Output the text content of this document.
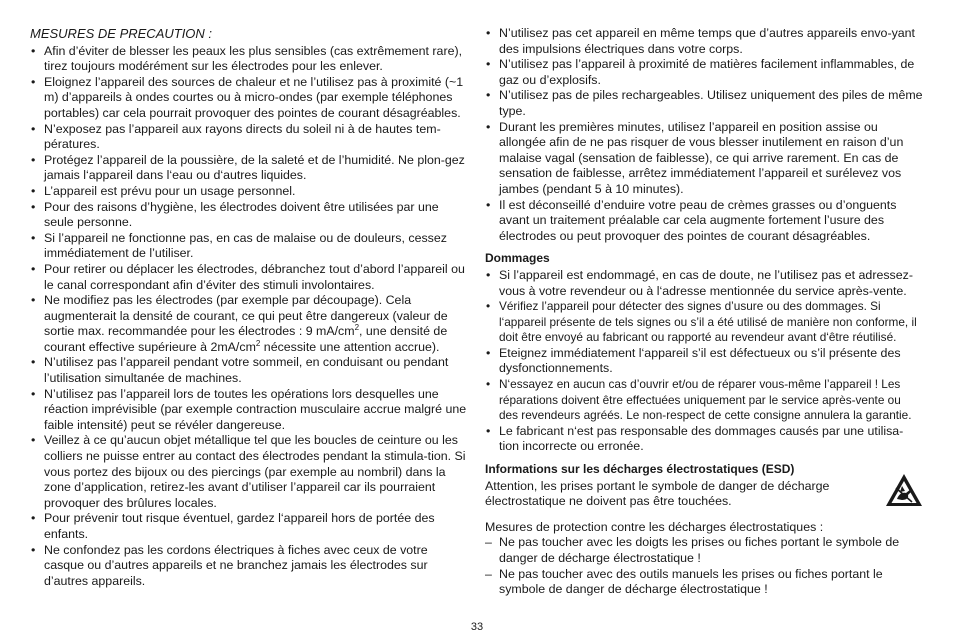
MESURES DE PRECAUTION :

• Afin d’éviter de blesser les peaux les plus sensibles (cas extrêmement rare), tirez toujours modérément sur les électrodes pour les enlever.
• Eloignez l’appareil des sources de chaleur et ne l’utilisez pas à proximité (~1 m) d’appareils à ondes courtes ou à micro-ondes (par exemple téléphones portables) car cela pourrait provoquer des pointes de courant désagréables.
• N’exposez pas l’appareil aux rayons directs du soleil ni à de hautes tem-pératures.
• Protégez l’appareil de la poussière, de la saleté et de l’humidité. Ne plon-gez jamais l‘appareil dans l‘eau ou d‘autres liquides.
• L’appareil est prévu pour un usage personnel.
• Pour des raisons d’hygiène, les électrodes doivent être utilisées par une seule personne.
• Si l’appareil ne fonctionne pas, en cas de malaise ou de douleurs, cessez immédiatement de l’utiliser.
• Pour retirer ou déplacer les électrodes, débranchez tout d’abord l’appareil ou le canal correspondant afin d’éviter des stimuli involontaires.
• Ne modifiez pas les électrodes (par exemple par découpage). Cela augmenterait la densité de courant, ce qui peut être dangereux (valeur de sortie max. recommandée pour les électrodes : 9 $mA/cm^2$, une densité de courant effective supérieure à $2mA/cm^2$ nécessite une attention accrue).
• N’utilisez pas l’appareil pendant votre sommeil, en conduisant ou pendant l’utilisation simultanée de machines.
• N’utilisez pas l’appareil lors de toutes les opérations lors desquelles une réaction imprévisible (par exemple contraction musculaire accrue malgré une faible intensité) peut se révéler dangereuse.
• Veillez à ce qu’aucun objet métallique tel que les boucles de ceinture ou les colliers ne puisse entrer au contact des électrodes pendant la stimula-tion. Si vous portez des bijoux ou des piercings (par exemple au nombril) dans la zone d’application, retirez-les avant d’utiliser l’appareil car ils pourraient provoquer des brûlures locales.
• Pour prévenir tout risque éventuel, gardez l‘appareil hors de portée des enfants.
• Ne confondez pas les cordons électriques à fiches avec ceux de votre casque ou d’autres appareils et ne branchez jamais les électrodes sur d’autres appareils.
• N’utilisez pas cet appareil en même temps que d’autres appareils envo-yant des impulsions électriques dans votre corps.
• N’utilisez pas l’appareil à proximité de matières facilement inflammables, de gaz ou d’explosifs.
• N’utilisez pas de piles rechargeables. Utilisez uniquement des piles de même type.
• Durant les premières minutes, utilisez l’appareil en position assise ou allongée afin de ne pas risquer de vous blesser inutilement en raison d’un malaise vagal (sensation de faiblesse), ce qui arrive rarement. En cas de sensation de faiblesse, arrêtez immédiatement l’appareil et surélevez vos jambes (pendant 5 à 10 minutes).
• Il est déconseillé d’enduire votre peau de crèmes grasses ou d’onguents avant un traitement préalable car cela augmente fortement l’usure des électrodes ou peut provoquer des pointes de courant désagréables.

Dommages

• Si l’appareil est endommagé, en cas de doute, ne l’utilisez pas et adressez-vous à votre revendeur ou à l‘adresse mentionnée du service après-vente.
• Vérifiez l’appareil pour détecter des signes d’usure ou des dommages. Si l‘appareil présente de tels signes ou s’il a été utilisé de manière non conforme, il doit être envoyé au fabricant ou rapporté au revendeur avant d‘être réutilisé.
• Eteignez immédiatement l‘appareil s’il est défectueux ou s’il présente des dysfonctionnements.
• N‘essayez en aucun cas d’ouvrir et/ou de réparer vous-même l’appareil ! Les réparations doivent être effectuées uniquement par le service après-vente ou des revendeurs agréés. Le non-respect de cette consigne annulera la garantie.
• Le fabricant n‘est pas responsable des dommages causés par une utilisa-tion incorrecte ou erronée.

Informations sur les décharges électrostatiques (ESD)

Attention, les prises portant le symbole de danger de décharge électrostatique ne doivent pas être touchées.

Mesures de protection contre les décharges électrostatiques :

– Ne pas toucher avec les doigts les prises ou fiches portant le symbole de danger de décharge électrostatique !
– Ne pas toucher avec des outils manuels les prises ou fiches portant le symbole de danger de décharge électrostatique !
33
